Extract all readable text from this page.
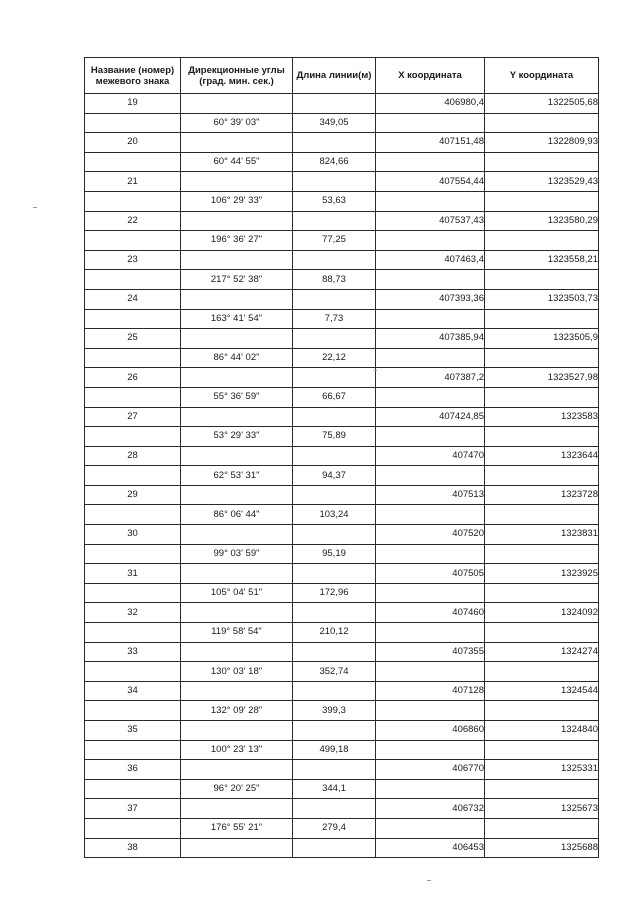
Название (номер) межевого знака	Дирекционные углы (град. мин. сек.)	Длина линии(м)	X координата	Y координата
19			406980,4	1322505,68
	60° 39' 03"	349,05		
20			407151,48	1322809,93
	60° 44' 55"	824,66		
21			407554,44	1323529,43
	106° 29' 33"	53,63		
22			407537,43	1323580,29
	196° 36' 27"	77,25		
23			407463,4	1323558,21
	217° 52' 38"	88,73		
24			407393,36	1323503,73
	163° 41' 54"	7,73		
25			407385,94	1323505,9
	86° 44' 02"	22,12		
26			407387,2	1323527,98
	55° 36' 59"	66,67		
27			407424,85	1323583
	53° 29' 33"	75,89		
28			407470	1323644
	62° 53' 31"	94,37		
29			407513	1323728
	86° 06' 44"	103,24		
30			407520	1323831
	99° 03' 59"	95,19		
31			407505	1323925
	105° 04' 51"	172,96		
32			407460	1324092
	119° 58' 54"	210,12		
33			407355	1324274
	130° 03' 18"	352,74		
34			407128	1324544
	132° 09' 28"	399,3		
35			406860	1324840
	100° 23' 13"	499,18		
36			406770	1325331
	96° 20' 25"	344,1		
37			406732	1325673
	176° 55' 21"	279,4		
38			406453	1325688
